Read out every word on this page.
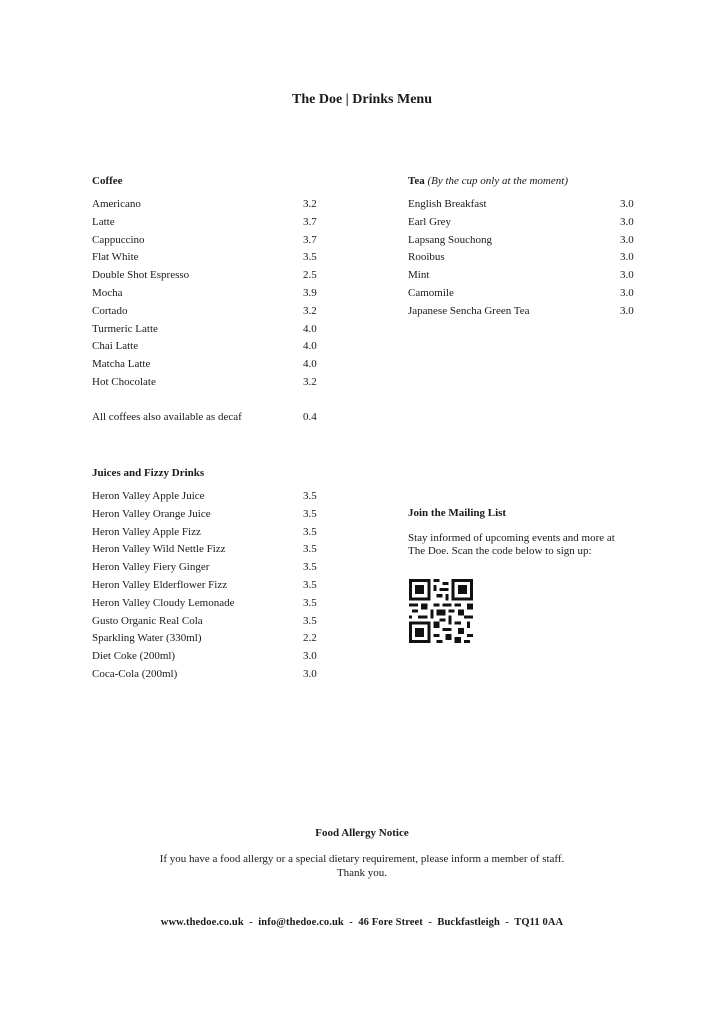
The Doe | Drinks Menu
Coffee
Americano	3.2
Latte	3.7
Cappuccino	3.7
Flat White	3.5
Double Shot Espresso	2.5
Mocha	3.9
Cortado	3.2
Turmeric Latte	4.0
Chai Latte	4.0
Matcha Latte	4.0
Hot Chocolate	3.2
All coffees also available as decaf	0.4
Tea (By the cup only at the moment)
English Breakfast	3.0
Earl Grey	3.0
Lapsang Souchong	3.0
Rooibus	3.0
Mint	3.0
Camomile	3.0
Japanese Sencha Green Tea	3.0
Juices and Fizzy Drinks
Heron Valley Apple Juice	3.5
Heron Valley Orange Juice	3.5
Heron Valley Apple Fizz	3.5
Heron Valley Wild Nettle Fizz	3.5
Heron Valley Fiery Ginger	3.5
Heron Valley Elderflower Fizz	3.5
Heron Valley Cloudy Lemonade	3.5
Gusto Organic Real Cola	3.5
Sparkling Water (330ml)	2.2
Diet Coke (200ml)	3.0
Coca-Cola (200ml)	3.0
Join the Mailing List
Stay informed of upcoming events and more at The Doe. Scan the code below to sign up:
Food Allergy Notice
If you have a food allergy or a special dietary requirement, please inform a member of staff.
Thank you.
www.thedoe.co.uk  -  info@thedoe.co.uk  -  46 Fore Street  -  Buckfastleigh  -  TQ11 0AA
